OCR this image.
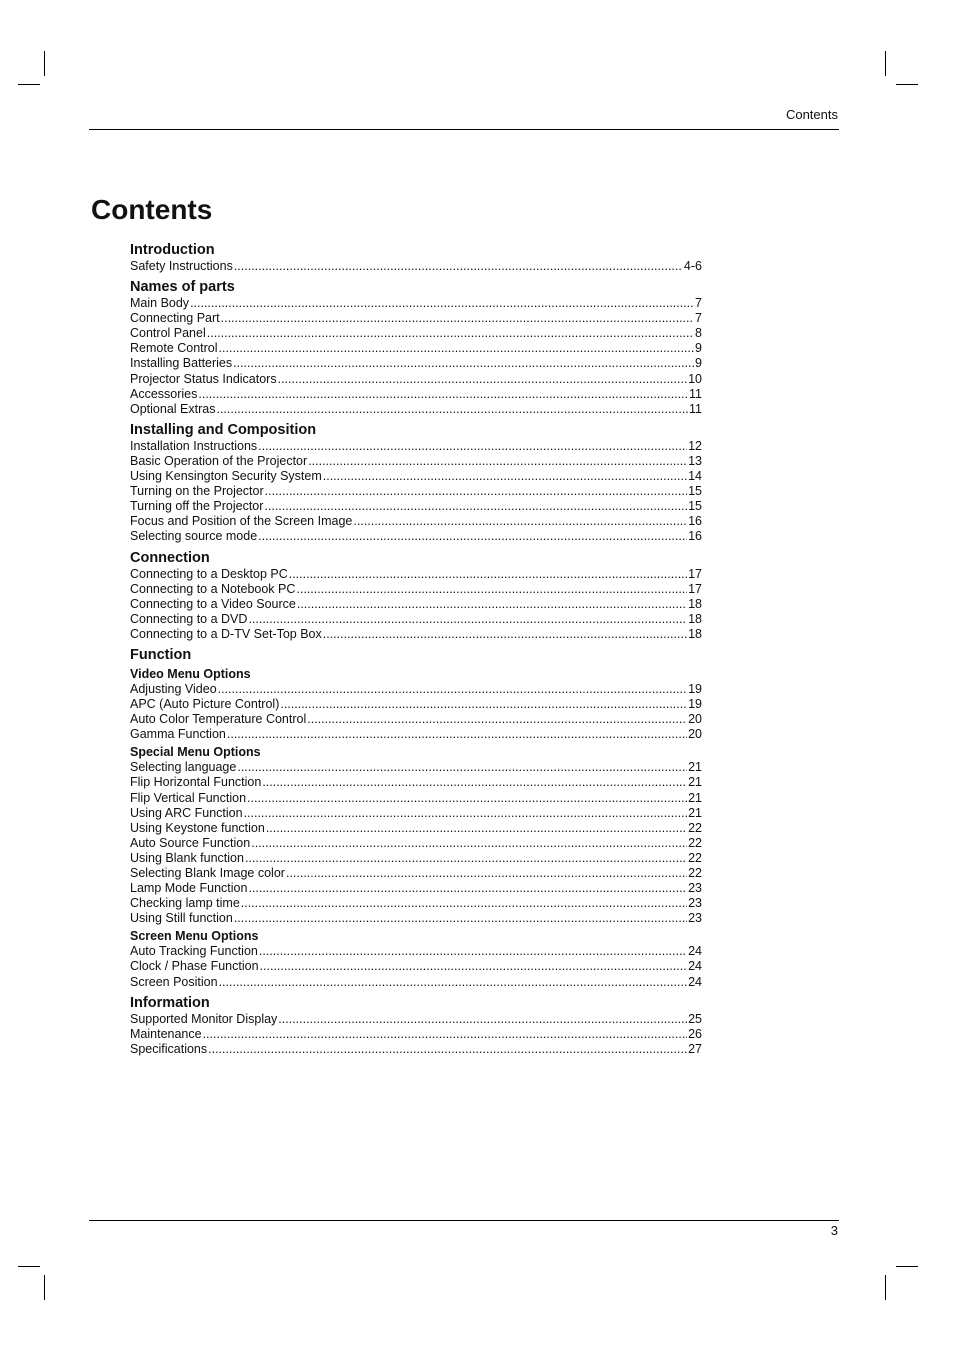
Contents
Contents
Introduction
Safety Instructions .....	4-6
Names of parts
Main Body .....	7
Connecting Part .....	7
Control Panel .....	8
Remote Control .....	9
Installing Batteries .....	9
Projector Status Indicators .....	10
Accessories .....	11
Optional Extras .....	11
Installing and Composition
Installation Instructions .....	12
Basic Operation of the Projector .....	13
Using Kensington Security System .....	14
Turning on the Projector .....	15
Turning off the Projector .....	15
Focus and Position of the Screen Image .....	16
Selecting source mode .....	16
Connection
Connecting to a Desktop PC .....	17
Connecting to a Notebook PC .....	17
Connecting to a Video Source .....	18
Connecting to a DVD .....	18
Connecting to a D-TV Set-Top Box .....	18
Function
Video Menu Options
Adjusting Video .....	19
APC (Auto Picture Control) .....	19
Auto Color Temperature Control .....	20
Gamma Function .....	20
Special Menu Options
Selecting language .....	21
Flip Horizontal Function .....	21
Flip Vertical Function .....	21
Using ARC Function .....	21
Using Keystone function .....	22
Auto Source Function .....	22
Using Blank function .....	22
Selecting Blank Image color .....	22
Lamp Mode Function .....	23
Checking lamp time .....	23
Using Still function .....	23
Screen Menu Options
Auto Tracking Function .....	24
Clock / Phase Function .....	24
Screen Position .....	24
Information
Supported Monitor Display .....	25
Maintenance .....	26
Specifications .....	27
3
